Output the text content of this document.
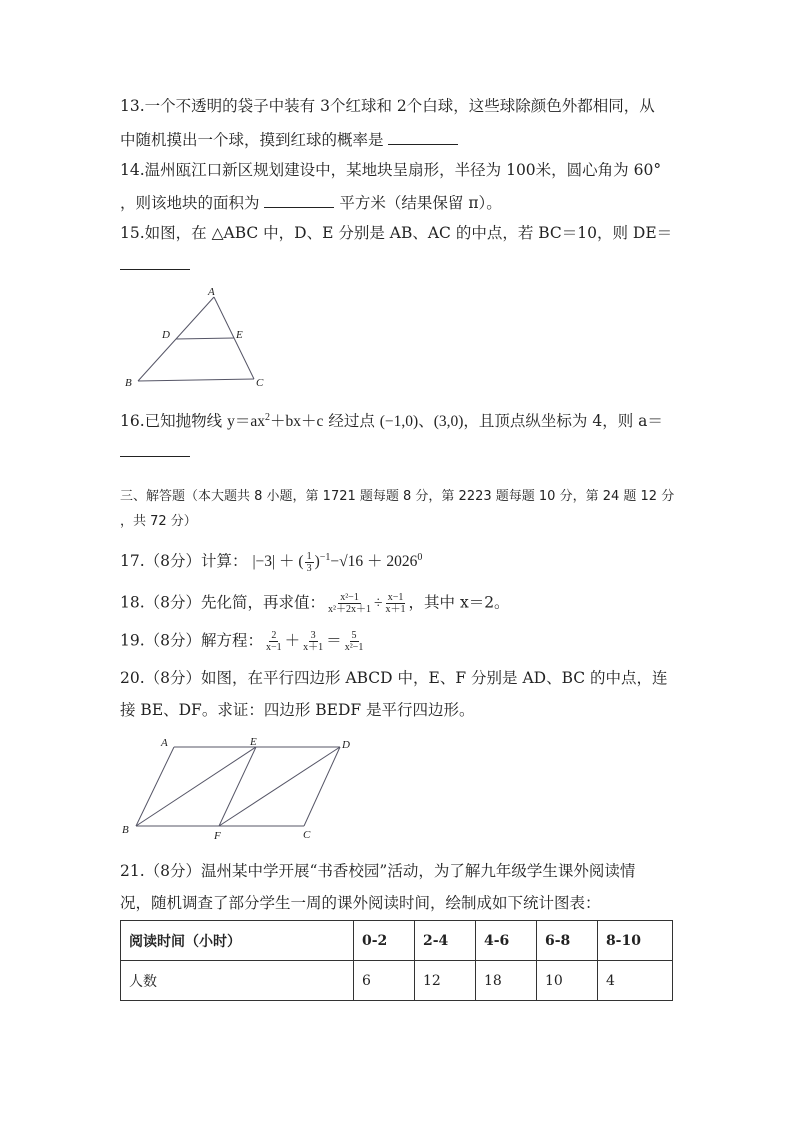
13.一个不透明的袋子中装有 3个红球和 2个白球，这些球除颜色外都相同，从
中随机摸出一个球，摸到红球的概率是
14.温州瓯江口新区规划建设中，某地块呈扇形，半径为 100米，圆心角为 60°
，则该地块的面积为	平方米（结果保留 π）。
15.如图，在 △ABC 中，D、E 分别是 AB、AC 的中点，若 BC＝10，则 DE＝
A
B	C
D	E
16.已知抛物线 $y=ax^2+bx+c$ 经过点 (−1,0)、(3,0)，且顶点纵坐标为 4，则 a＝
三、解答题（本大题共 8 小题，第 1721 题每题 8 分，第 2223 题每题 10 分，第 24 题 12 分
，共 72 分）
17.（8分）计算： |−3| ＋ ( $\frac{1}{3} )^{-1}-√16 + 2026^0$
18.（8分）先化简，再求值： $\frac{\text{x²−1}}{\text{x²＋2x＋1}} \div \frac{x-1}{x+1}$ ，其中 x＝2。
19.（8分）解方程： $\frac{2}{x-1} + \frac{3}{x+1} = \frac{5}{\text{x²−1}}$
20.（8分）如图，在平行四边形 ABCD 中，E、F 分别是 AD、BC 的中点，连
接 BE、DF。求证：四边形 BEDF 是平行四边形。
A
B	C
D
E
F
21.（8分）温州某中学开展“书香校园”活动，为了解九年级学生课外阅读情
况，随机调查了部分学生一周的课外阅读时间，绘制成如下统计图表：
阅读时间（小时）	0-2	2-4	4-6	6-8	8-10
人数	6	12	18	10	4
